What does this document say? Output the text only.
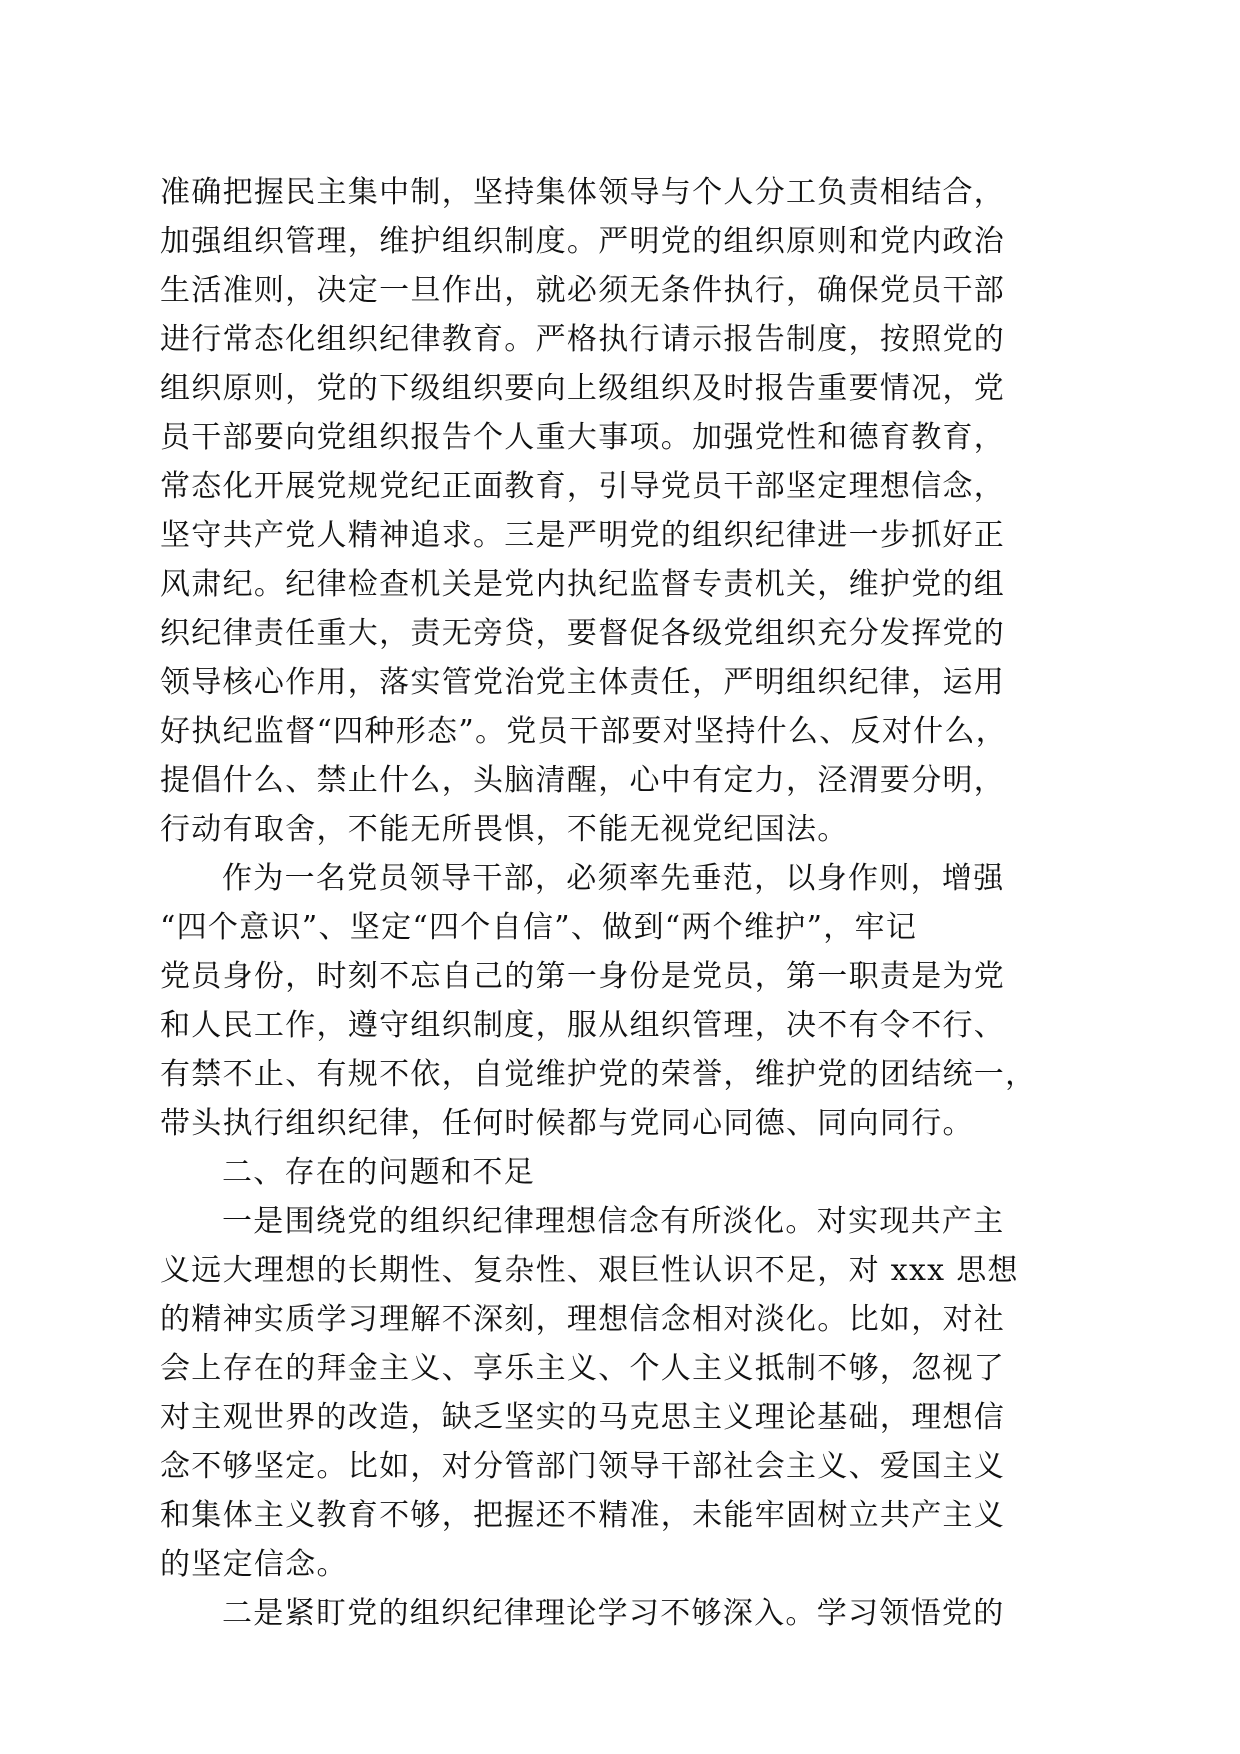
准确把握民主集中制，坚持集体领导与个人分工负责相结合，
加强组织管理，维护组织制度。严明党的组织原则和党内政治
生活准则，决定一旦作出，就必须无条件执行，确保党员干部
进行常态化组织纪律教育。严格执行请示报告制度，按照党的
组织原则，党的下级组织要向上级组织及时报告重要情况，党
员干部要向党组织报告个人重大事项。加强党性和德育教育，
常态化开展党规党纪正面教育，引导党员干部坚定理想信念，
坚守共产党人精神追求。三是严明党的组织纪律进一步抓好正
风肃纪。纪律检查机关是党内执纪监督专责机关，维护党的组
织纪律责任重大，责无旁贷，要督促各级党组织充分发挥党的
领导核心作用，落实管党治党主体责任，严明组织纪律，运用
好执纪监督“四种形态”。党员干部要对坚持什么、反对什么，
提倡什么、禁止什么，头脑清醒，心中有定力，泾渭要分明，
行动有取舍，不能无所畏惧，不能无视党纪国法。
作为一名党员领导干部，必须率先垂范，以身作则，增强
“四个意识”、坚定“四个自信”、做到“两个维护”，牢记
党员身份，时刻不忘自己的第一身份是党员，第一职责是为党
和人民工作，遵守组织制度，服从组织管理，决不有令不行、
有禁不止、有规不依，自觉维护党的荣誉，维护党的团结统一，
带头执行组织纪律，任何时候都与党同心同德、同向同行。
二、存在的问题和不足
一是围绕党的组织纪律理想信念有所淡化。对实现共产主
义远大理想的长期性、复杂性、艰巨性认识不足，对 xxx 思想
的精神实质学习理解不深刻，理想信念相对淡化。比如，对社
会上存在的拜金主义、享乐主义、个人主义抵制不够，忽视了
对主观世界的改造，缺乏坚实的马克思主义理论基础，理想信
念不够坚定。比如，对分管部门领导干部社会主义、爱国主义
和集体主义教育不够，把握还不精准，未能牢固树立共产主义
的坚定信念。
二是紧盯党的组织纪律理论学习不够深入。学习领悟党的
